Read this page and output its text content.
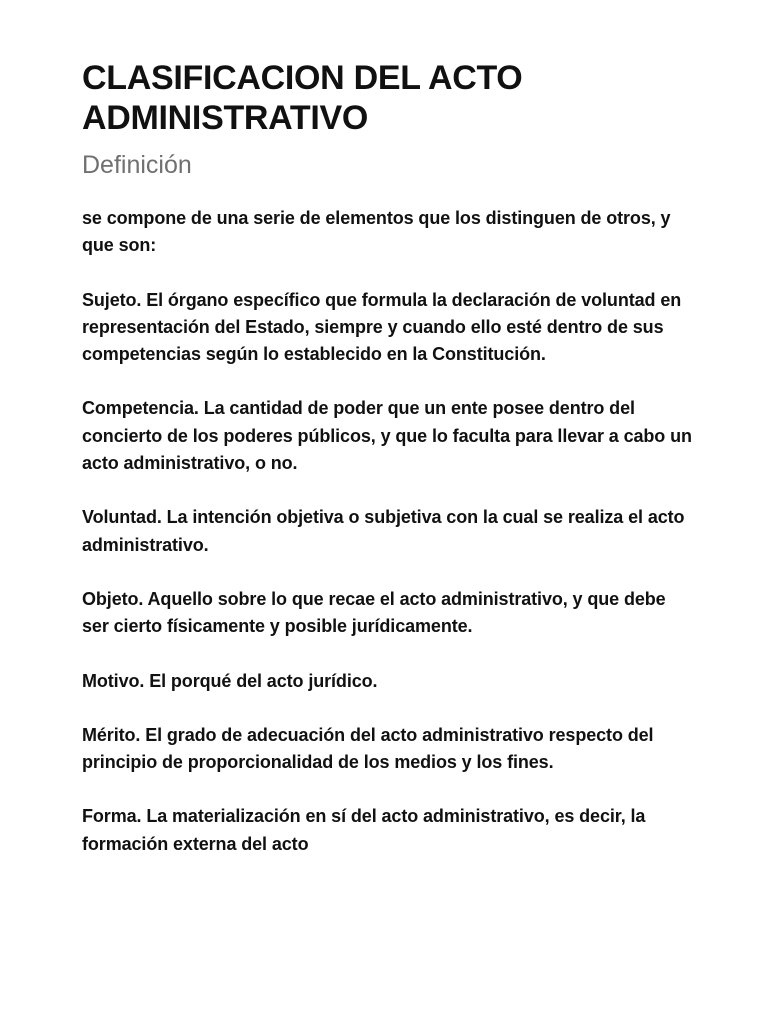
CLASIFICACION DEL ACTO
ADMINISTRATIVO
Definición

se compone de una serie de elementos que los distinguen de otros, y que son:

Sujeto. El órgano específico que formula la declaración de voluntad en representación del Estado, siempre y cuando ello esté dentro de sus competencias según lo establecido en la Constitución.

Competencia. La cantidad de poder que un ente posee dentro del concierto de los poderes públicos, y que lo faculta para llevar a cabo un acto administrativo, o no.

Voluntad. La intención objetiva o subjetiva con la cual se realiza el acto administrativo.

Objeto. Aquello sobre lo que recae el acto administrativo, y que debe ser cierto físicamente y posible jurídicamente.

Motivo. El porqué del acto jurídico.

Mérito. El grado de adecuación del acto administrativo respecto del principio de proporcionalidad de los medios y los fines.

Forma. La materialización en sí del acto administrativo, es decir, la formación externa del acto
